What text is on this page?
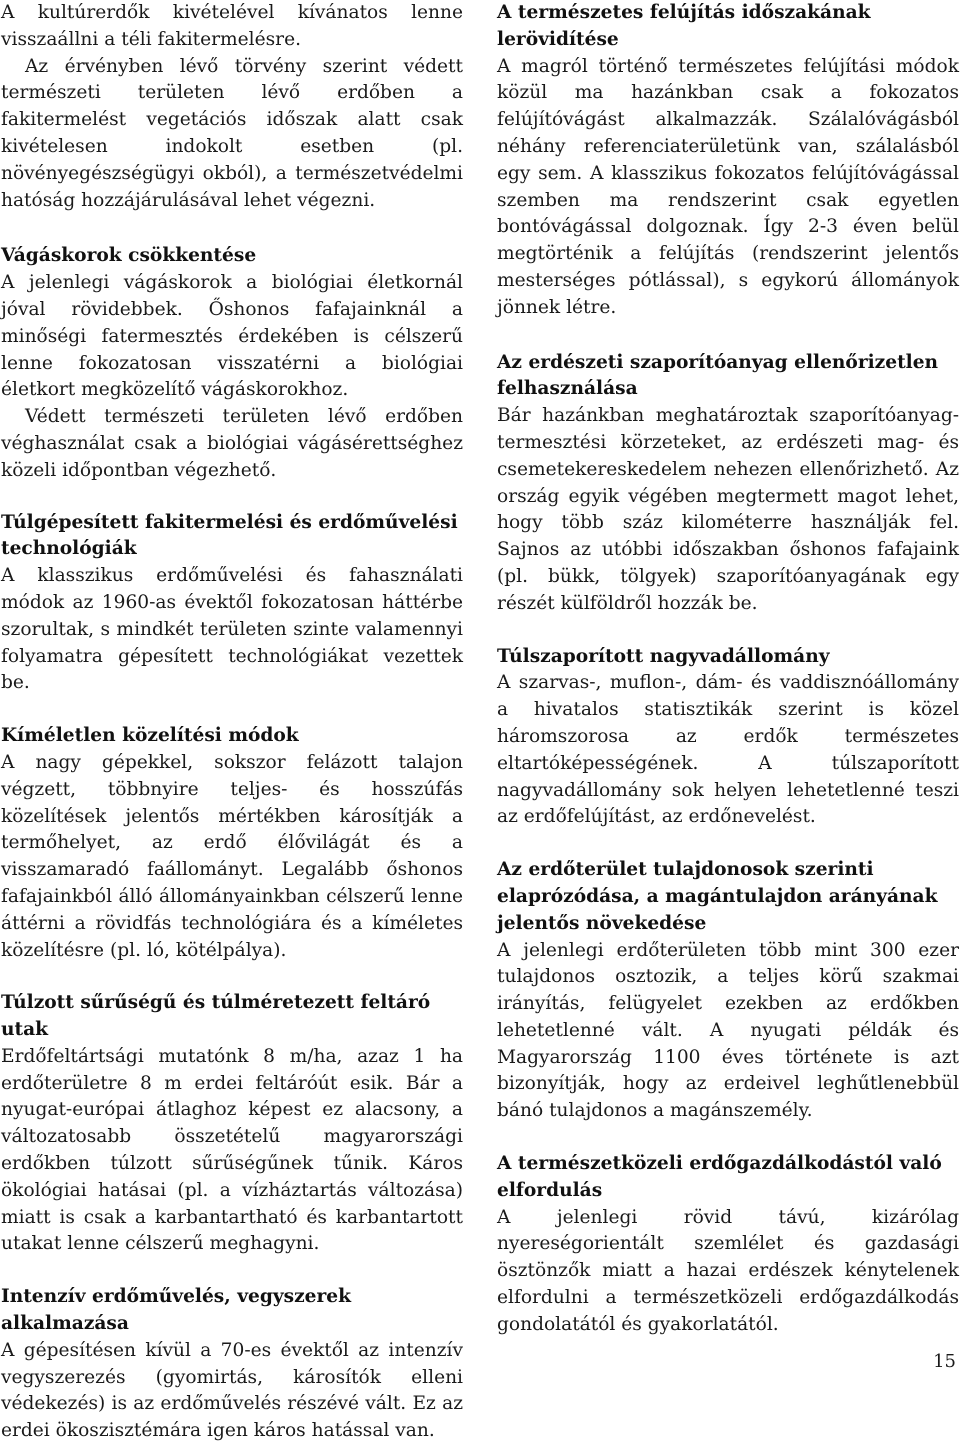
A kultúrerdők kivételével kívánatos lenne visszaállni a téli fakitermelésre.

Az érvényben lévő törvény szerint védett természeti területen lévő erdőben a fakitermelést vegetációs időszak alatt csak kivételesen indokolt esetben (pl. növényegészségügyi okból), a természetvédelmi hatóság hozzájárulásával lehet végezni.

Vágáskorok csökkentése

A jelenlegi vágáskorok a biológiai életkornál jóval rövidebbek. Őshonos fafajainknál a minőségi fatermesztés érdekében is célszerű lenne fokozatosan visszatérni a biológiai életkort megközelítő vágáskorokhoz.

Védett természeti területen lévő erdőben véghasználat csak a biológiai vágásérettséghez közeli időpontban végezhető.

Túlgépesített fakitermelési és erdőművelési technológiák

A klasszikus erdőművelési és fahasználati módok az 1960-as évektől fokozatosan háttérbe szorultak, s mindkét területen szinte valamennyi folyamatra gépesített technológiákat vezettek be.

Kíméletlen közelítési módok

A nagy gépekkel, sokszor felázott talajon végzett, többnyire teljes- és hosszúfás közelítések jelentős mértékben károsítják a termőhelyet, az erdő élővilágát és a visszamaradó faállományt. Legalább őshonos fafajainkból álló állományainkban célszerű lenne áttérni a rövidfás technológiára és a kíméletes közelítésre (pl. ló, kötélpálya).

Túlzott sűrűségű és túlméretezett feltáró utak

Erdőfeltártsági mutatónk 8 m/ha, azaz 1 ha erdőterületre 8 m erdei feltáróút esik. Bár a nyugat-európai átlaghoz képest ez alacsony, a változatosabb összetételű magyarországi erdőkben túlzott sűrűségűnek tűnik. Káros ökológiai hatásai (pl. a vízháztartás változása) miatt is csak a karbantartható és karbantartott utakat lenne célszerű meghagyni.

Intenzív erdőművelés, vegyszerek alkalmazása

A gépesítésen kívül a 70-es évektől az intenzív vegyszerezés (gyomirtás, károsítók elleni védekezés) is az erdőművelés részévé vált. Ez az erdei ökoszisztémára igen káros hatással van.

A természetes felújítás időszakának lerövidítése

A magról történő természetes felújítási módok közül ma hazánkban csak a fokozatos felújítóvágást alkalmazzák. Szálalóvágásból néhány referenciaterületünk van, szálalásból egy sem. A klasszikus fokozatos felújítóvágással szemben ma rendszerint csak egyetlen bontóvágással dolgoznak. Így 2-3 éven belül megtörténik a felújítás (rendszerint jelentős mesterséges pótlással), s egykorú állományok jönnek létre.

Az erdészeti szaporítóanyag ellenőrizetlen felhasználása

Bár hazánkban meghatároztak szaporítóanyag-termesztési körzeteket, az erdészeti mag- és csemetekereskedelem nehezen ellenőrizhető. Az ország egyik végében megtermett magot lehet, hogy több száz kilométerre használják fel. Sajnos az utóbbi időszakban őshonos fafajaink (pl. bükk, tölgyek) szaporítóanyagának egy részét külföldről hozzák be.

Túlszaporított nagyvadállomány

A szarvas-, muflon-, dám- és vaddisznóállomány a hivatalos statisztikák szerint is közel háromszorosa az erdők természetes eltartóképességének. A túlszaporított nagyvadállomány sok helyen lehetetlenné teszi az erdőfelújítást, az erdőnevelést.

Az erdőterület tulajdonosok szerinti elaprózódása, a magántulajdon arányának jelentős növekedése

A jelenlegi erdőterületen több mint 300 ezer tulajdonos osztozik, a teljes körű szakmai irányítás, felügyelet ezekben az erdőkben lehetetlenné vált. A nyugati példák és Magyarország 1100 éves története is azt bizonyítják, hogy az erdeivel leghűtlenebbül bánó tulajdonos a magánszemély.

A természetközeli erdőgazdálkodástól való elfordulás

A jelenlegi rövid távú, kizárólag nyereségorientált szemlélet és gazdasági ösztönzők miatt a hazai erdészek kénytelenek elfordulni a természetközeli erdőgazdálkodás gondolatától és gyakorlatától.

15
